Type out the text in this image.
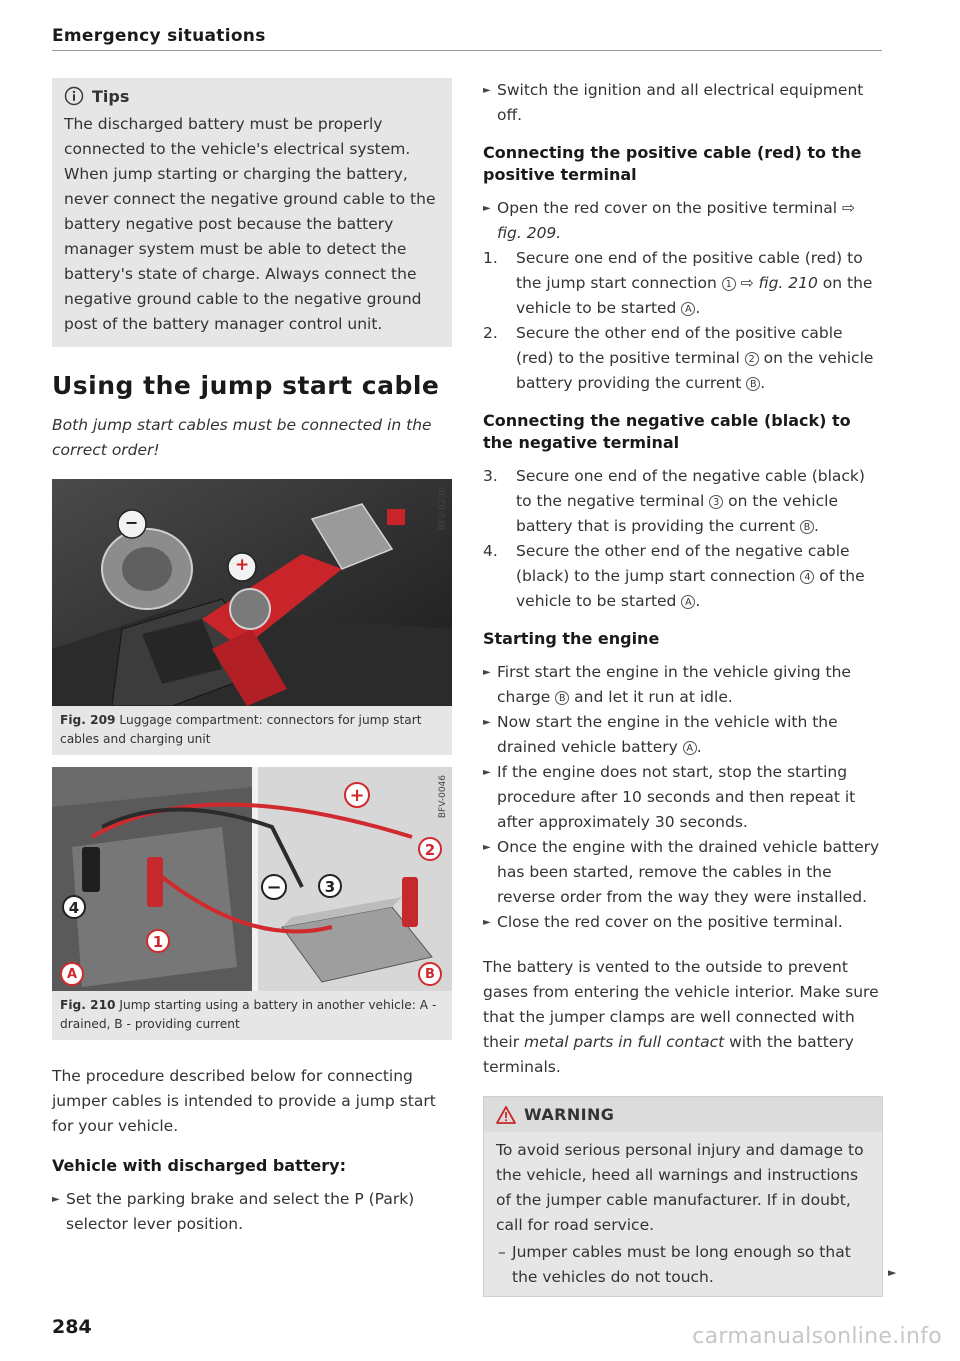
Emergency situations
Tips
The discharged battery must be properly connected to the vehicle's electrical system. When jump starting or charging the battery, never connect the negative ground cable to the battery negative post because the battery manager system must be able to detect the battery's state of charge. Always connect the negative ground cable to the negative ground post of the battery manager control unit.
Using the jump start cable
Both jump start cables must be connected in the correct order!
−
+
BFV-0230
Fig. 209 Luggage compartment: connectors for jump start cables and charging unit
+
−
1
2
3
4
A	B
BFV-0046
Fig. 210 Jump starting using a battery in another vehicle: A - drained, B - providing current
The procedure described below for connecting jumper cables is intended to provide a jump start for your vehicle.
Vehicle with discharged battery:
► Set the parking brake and select the P (Park) selector lever position.
► Switch the ignition and all electrical equipment off.
Connecting the positive cable (red) to the positive terminal
► Open the red cover on the positive terminal ⇨ fig. 209.
1. Secure one end of the positive cable (red) to the jump start connection 1 ⇨ fig. 210 on the vehicle to be started A .
2. Secure the other end of the positive cable (red) to the positive terminal 2 on the vehicle battery providing the current B .
Connecting the negative cable (black) to the negative terminal
3. Secure one end of the negative cable (black) to the negative terminal 3 on the vehicle battery that is providing the current B .
4. Secure the other end of the negative cable (black) to the jump start connection 4 of the vehicle to be started A .
Starting the engine
► First start the engine in the vehicle giving the charge B and let it run at idle.
► Now start the engine in the vehicle with the drained vehicle battery A .
► If the engine does not start, stop the starting procedure after 10 seconds and then repeat it after approximately 30 seconds.
► Once the engine with the drained vehicle battery has been started, remove the cables in the reverse order from the way they were installed.
► Close the red cover on the positive terminal.
The battery is vented to the outside to prevent gases from entering the vehicle interior. Make sure that the jumper clamps are well connected with their metal parts in full contact with the battery terminals.
WARNING
To avoid serious personal injury and damage to the vehicle, heed all warnings and instructions of the jumper cable manufacturer. If in doubt, call for road service.
– Jumper cables must be long enough so that the vehicles do not touch.	►
284	carmanualsonline.info
